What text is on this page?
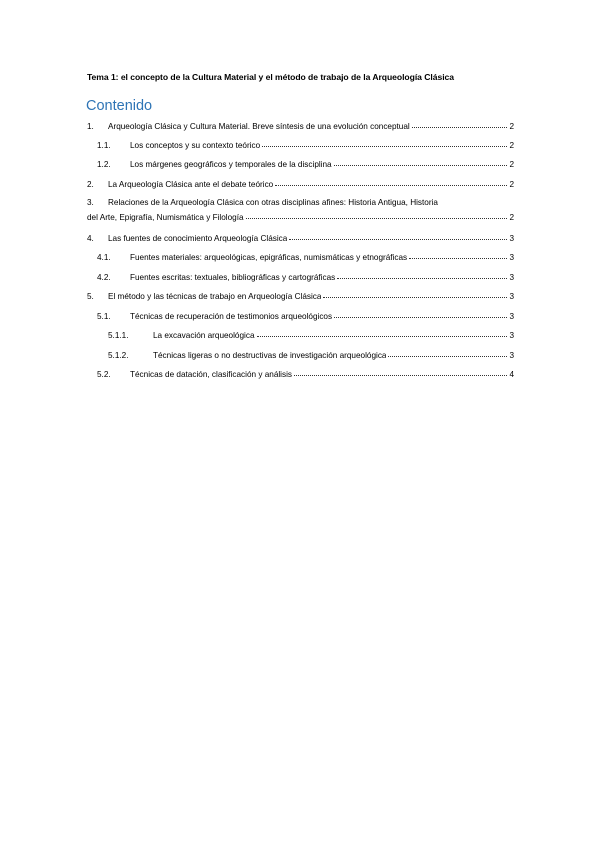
Tema 1: el concepto de la Cultura Material y el método de trabajo de la Arqueología Clásica
Contenido
1.	Arqueología Clásica y Cultura Material. Breve síntesis de una evolución conceptual	2
1.1.	Los conceptos y su contexto teórico	2
1.2.	Los márgenes geográficos y temporales de la disciplina	2
2.	La Arqueología Clásica ante el debate teórico	2
3. Relaciones de la Arqueología Clásica con otras disciplinas afines: Historia Antigua, Historia
del Arte, Epigrafía, Numismática y Filología	2
4.	Las fuentes de conocimiento Arqueología Clásica	3
4.1.	Fuentes materiales: arqueológicas, epigráficas, numismáticas y etnográficas	3
4.2.	Fuentes escritas: textuales, bibliográficas y cartográficas	3
5.	El método y las técnicas de trabajo en Arqueología Clásica	3
5.1.	Técnicas de recuperación de testimonios arqueológicos	3
5.1.1.	La excavación arqueológica	3
5.1.2.	Técnicas ligeras o no destructivas de investigación arqueológica	3
5.2.	Técnicas de datación, clasificación y análisis	4
